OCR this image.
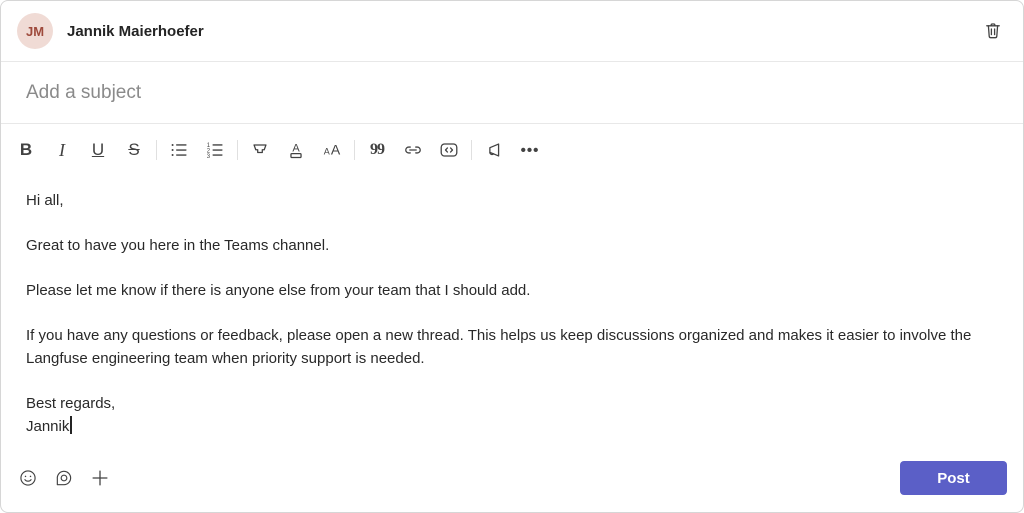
JM Jannik Maierhoefer
Add a subject
B	I	U	S	1
2
3
A	A A 99	•••

Hi all,

Great to have you here in the Teams channel.

Please let me know if there is anyone else from your team that I should add.

If you have any questions or feedback, please open a new thread. This helps us keep discussions organized and makes it easier to involve the Langfuse engineering team when priority support is needed.

Best regards,
Jannik
Post
